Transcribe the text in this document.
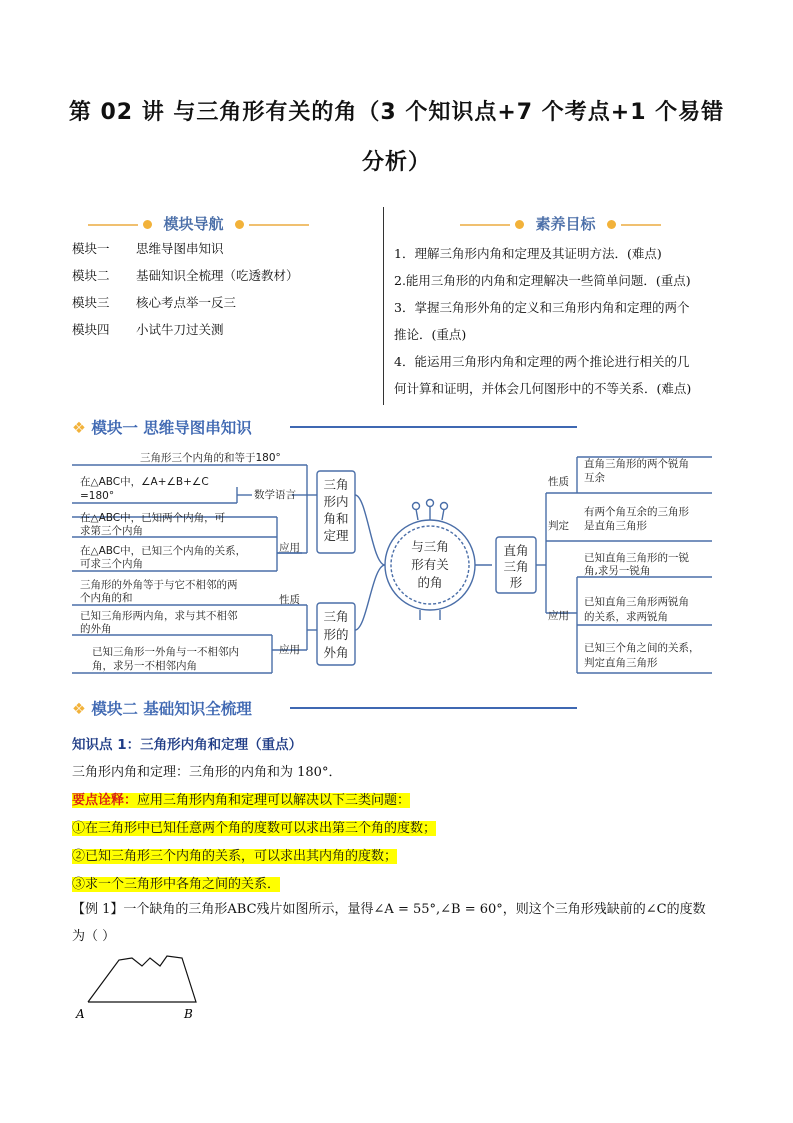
第 02 讲 与三角形有关的角（3 个知识点+7 个考点+1 个易错
分析）
模块导航
模块一 思维导图串知识
模块二 基础知识全梳理（吃透教材）
模块三 核心考点举一反三
模块四 小试牛刀过关测
素养目标
1．理解三角形内角和定理及其证明方法．(难点)
2.能用三角形的内角和定理解决一些简单问题．(重点)
3．掌握三角形外角的定义和三角形内角和定理的两个
推论．(重点)
4．能运用三角形内角和定理的两个推论进行相关的几
何计算和证明，并体会几何图形中的不等关系．(难点)
❖ 模块一 思维导图串知识
与三角
形有关
的角
三角
形内
角和
定理
三角
形的
外角
直角
三角
形
数学语言
应用
性质
应用
性质
判定
应用
三角形三个内角的和等于180°
在△ABC中，∠A+∠B+∠C
=180°
在△ABC中，已知两个内角，可
求第三个内角
在△ABC中，已知三个内角的关系，
可求三个内角
三角形的外角等于与它不相邻的两
个内角的和
已知三角形两内角，求与其不相邻
的外角
已知三角形一外角与一不相邻内
角，求另一不相邻内角
直角三角形的两个锐角
互余
有两个角互余的三角形
是直角三角形
已知直角三角形的一锐
角,求另一锐角
已知直角三角形两锐角
的关系，求两锐角
已知三个角之间的关系，
判定直角三角形
❖ 模块二 基础知识全梳理
知识点 1：三角形内角和定理（重点）
三角形内角和定理：三角形的内角和为 180°．
要点诠释：应用三角形内角和定理可以解决以下三类问题：
①在三角形中已知任意两个角的度数可以求出第三个角的度数；
②已知三角形三个内角的关系，可以求出其内角的度数；
③求一个三角形中各角之间的关系．
【例 1】一个缺角的三角形ABC残片如图所示，量得∠A = 55°,∠B = 60°，则这个三角形残缺前的∠C的度数
为（ ）
A	B
